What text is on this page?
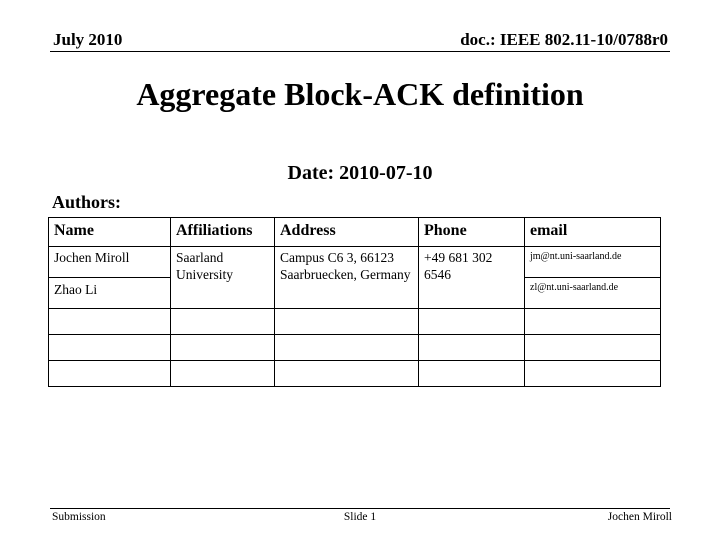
July 2010	doc.: IEEE 802.11-10/0788r0
Aggregate Block-ACK definition
Date: 2010-07-10
Authors:
Name	Affiliations	Address	Phone	email
Jochen Miroll	Saarland University	Campus C6 3, 66123 Saarbruecken, Germany	+49 681 302 6546	jm@nt.uni-saarland.de
Zhao Li				zl@nt.uni-saarland.de

Submission	Slide 1	Jochen Miroll
